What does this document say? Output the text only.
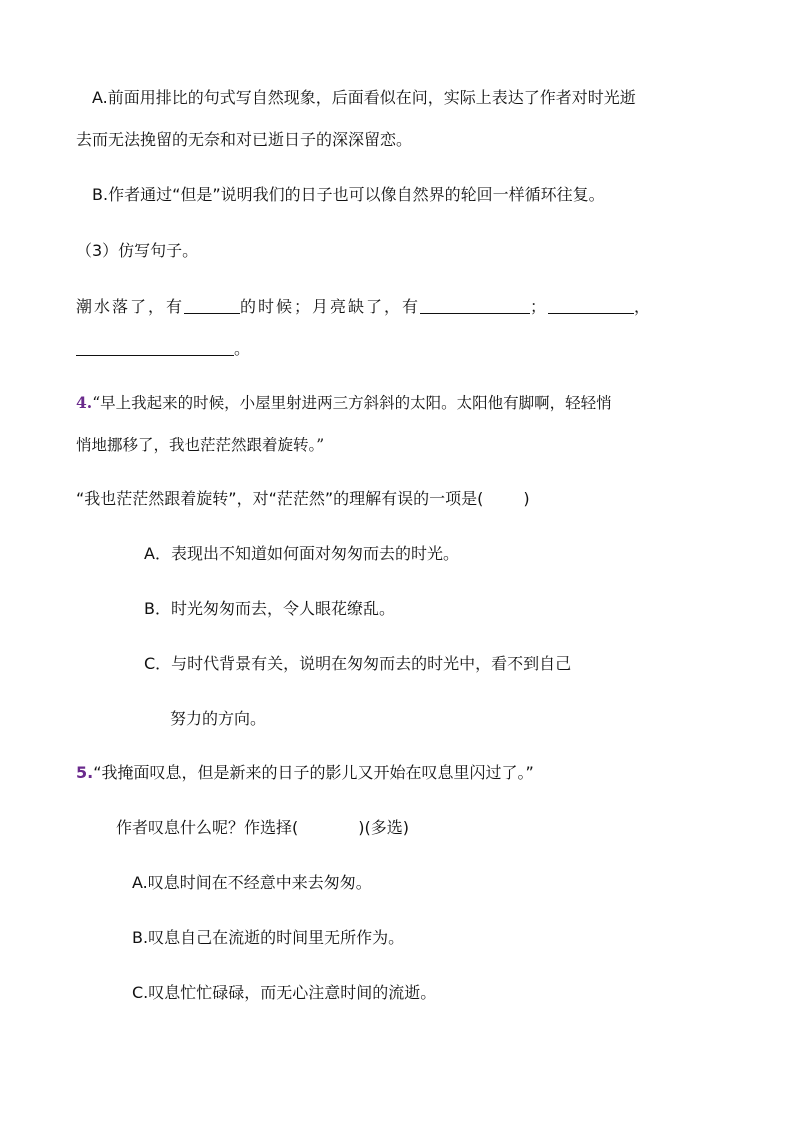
A.前面用排比的句式写自然现象，后面看似在问，实际上表达了作者对时光逝
去而无法挽留的无奈和对已逝日子的深深留恋。
B.作者通过“但是”说明我们的日子也可以像自然界的轮回一样循环往复。
（3）仿写句子。
潮水落了，有	的时候；月亮缺了，有	；	，
。
4.“早上我起来的时候，小屋里射进两三方斜斜的太阳。太阳他有脚啊，轻轻悄
悄地挪移了，我也茫茫然跟着旋转。”
“我也茫茫然跟着旋转”，对“茫茫然”的理解有误的一项是(	)
A．表现出不知道如何面对匆匆而去的时光。
B．时光匆匆而去，令人眼花缭乱。
C．与时代背景有关，说明在匆匆而去的时光中，看不到自己
努力的方向。
5.“我掩面叹息，但是新来的日子的影儿又开始在叹息里闪过了。”
作者叹息什么呢？作选择(	)(多选)
A.叹息时间在不经意中来去匆匆。
B.叹息自己在流逝的时间里无所作为。
C.叹息忙忙碌碌，而无心注意时间的流逝。
